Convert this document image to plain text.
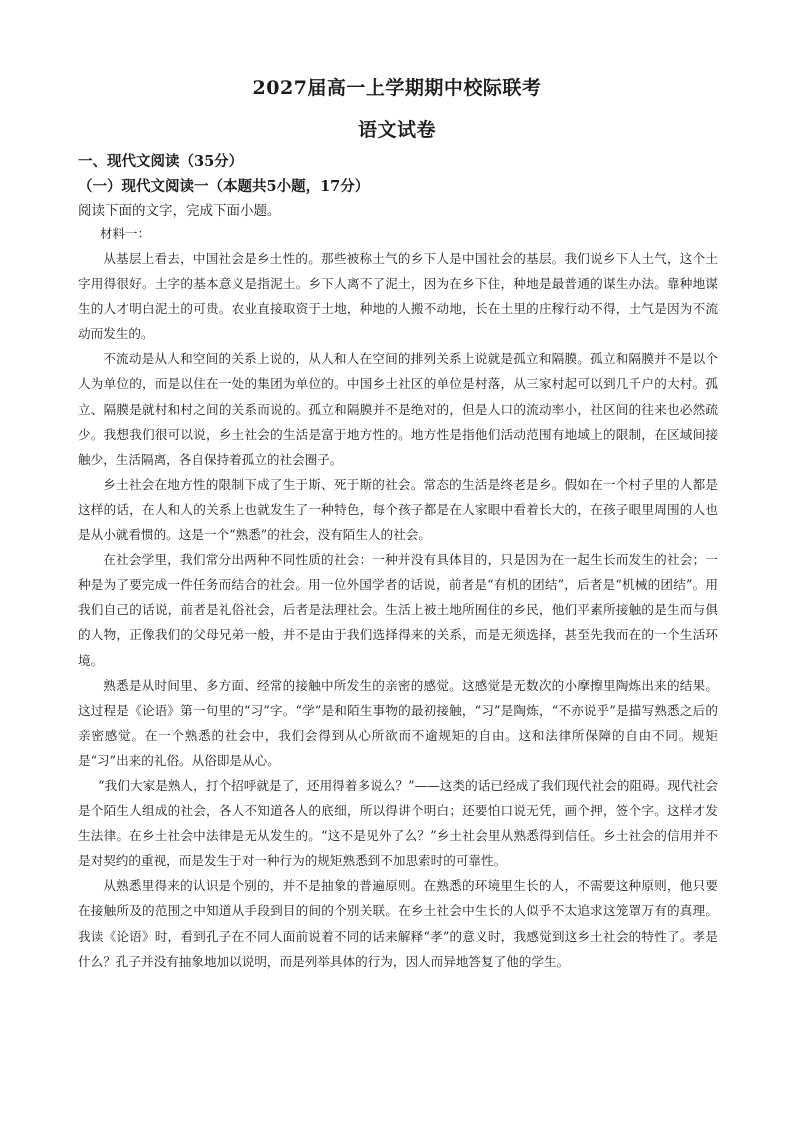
2027届高一上学期期中校际联考
语文试卷
一、现代文阅读（35分）
（一）现代文阅读一（本题共5小题，17分）
阅读下面的文字，完成下面小题。
材料一：

从基层上看去，中国社会是乡土性的。那些被称土气的乡下人是中国社会的基层。我们说乡下人土气，这个土字用得很好。土字的基本意义是指泥土。乡下人离不了泥土，因为在乡下住，种地是最普通的谋生办法。靠种地谋生的人才明白泥土的可贵。农业直接取资于土地，种地的人搬不动地，长在土里的庄稼行动不得，土气是因为不流动而发生的。

不流动是从人和空间的关系上说的，从人和人在空间的排列关系上说就是孤立和隔膜。孤立和隔膜并不是以个人为单位的，而是以住在一处的集团为单位的。中国乡土社区的单位是村落，从三家村起可以到几千户的大村。孤立、隔膜是就村和村之间的关系而说的。孤立和隔膜并不是绝对的，但是人口的流动率小，社区间的往来也必然疏少。我想我们很可以说，乡土社会的生活是富于地方性的。地方性是指他们活动范围有地域上的限制，在区域间接触少，生活隔离，各自保持着孤立的社会圈子。

乡土社会在地方性的限制下成了生于斯、死于斯的社会。常态的生活是终老是乡。假如在一个村子里的人都是这样的话，在人和人的关系上也就发生了一种特色，每个孩子都是在人家眼中看着长大的，在孩子眼里周围的人也是从小就看惯的。这是一个“熟悉”的社会，没有陌生人的社会。

在社会学里，我们常分出两种不同性质的社会：一种并没有具体目的，只是因为在一起生长而发生的社会；一种是为了要完成一件任务而结合的社会。用一位外国学者的话说，前者是“有机的团结”，后者是“机械的团结”。用我们自己的话说，前者是礼俗社会，后者是法理社会。生活上被土地所囿住的乡民，他们平素所接触的是生而与俱的人物，正像我们的父母兄弟一般，并不是由于我们选择得来的关系，而是无须选择，甚至先我而在的一个生活环境。

熟悉是从时间里、多方面、经常的接触中所发生的亲密的感觉。这感觉是无数次的小摩擦里陶炼出来的结果。这过程是《论语》第一句里的“习”字。“学”是和陌生事物的最初接触，“习”是陶炼，“不亦说乎”是描写熟悉之后的亲密感觉。在一个熟悉的社会中，我们会得到从心所欲而不逾规矩的自由。这和法律所保障的自由不同。规矩是“习”出来的礼俗。从俗即是从心。

“我们大家是熟人，打个招呼就是了，还用得着多说么？”——这类的话已经成了我们现代社会的阻碍。现代社会是个陌生人组成的社会，各人不知道各人的底细，所以得讲个明白；还要怕口说无凭，画个押，签个字。这样才发生法律。在乡土社会中法律是无从发生的。“这不是见外了么？”乡土社会里从熟悉得到信任。乡土社会的信用并不是对契约的重视，而是发生于对一种行为的规矩熟悉到不加思索时的可靠性。

从熟悉里得来的认识是个别的，并不是抽象的普遍原则。在熟悉的环境里生长的人，不需要这种原则，他只要在接触所及的范围之中知道从手段到目的间的个别关联。在乡土社会中生长的人似乎不太追求这笼罩万有的真理。我读《论语》时，看到孔子在不同人面前说着不同的话来解释“孝”的意义时，我感觉到这乡土社会的特性了。孝是什么？孔子并没有抽象地加以说明，而是列举具体的行为，因人而异地答复了他的学生。
